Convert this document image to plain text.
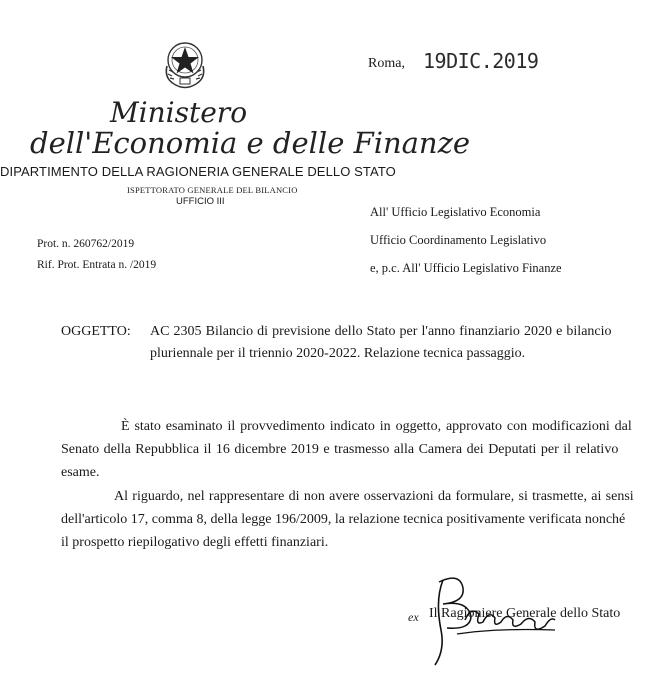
Ministero
dell'Economia e delle Finanze
DIPARTIMENTO DELLA RAGIONERIA GENERALE DELLO STATO
ISPETTORATO GENERALE DEL BILANCIO
UFFICIO III
Roma, 19DIC.2019
All' Ufficio Legislativo Economia
Ufficio Coordinamento Legislativo
e, p.c. All' Ufficio Legislativo Finanze
Prot. n. 260762/2019
Rif. Prot. Entrata n. /2019
OGGETTO: AC 2305 Bilancio di previsione dello Stato per l'anno finanziario 2020 e bilancio
pluriennale per il triennio 2020-2022. Relazione tecnica passaggio.
È stato esaminato il provvedimento indicato in oggetto, approvato con modificazioni dal
Senato della Repubblica il 16 dicembre 2019 e trasmesso alla Camera dei Deputati per il relativo
esame.
Al riguardo, nel rappresentare di non avere osservazioni da formulare, si trasmette, ai sensi
dell'articolo 17, comma 8, della legge 196/2009, la relazione tecnica positivamente verificata nonché
il prospetto riepilogativo degli effetti finanziari.
ex Il Ragioniere Generale dello Stato
